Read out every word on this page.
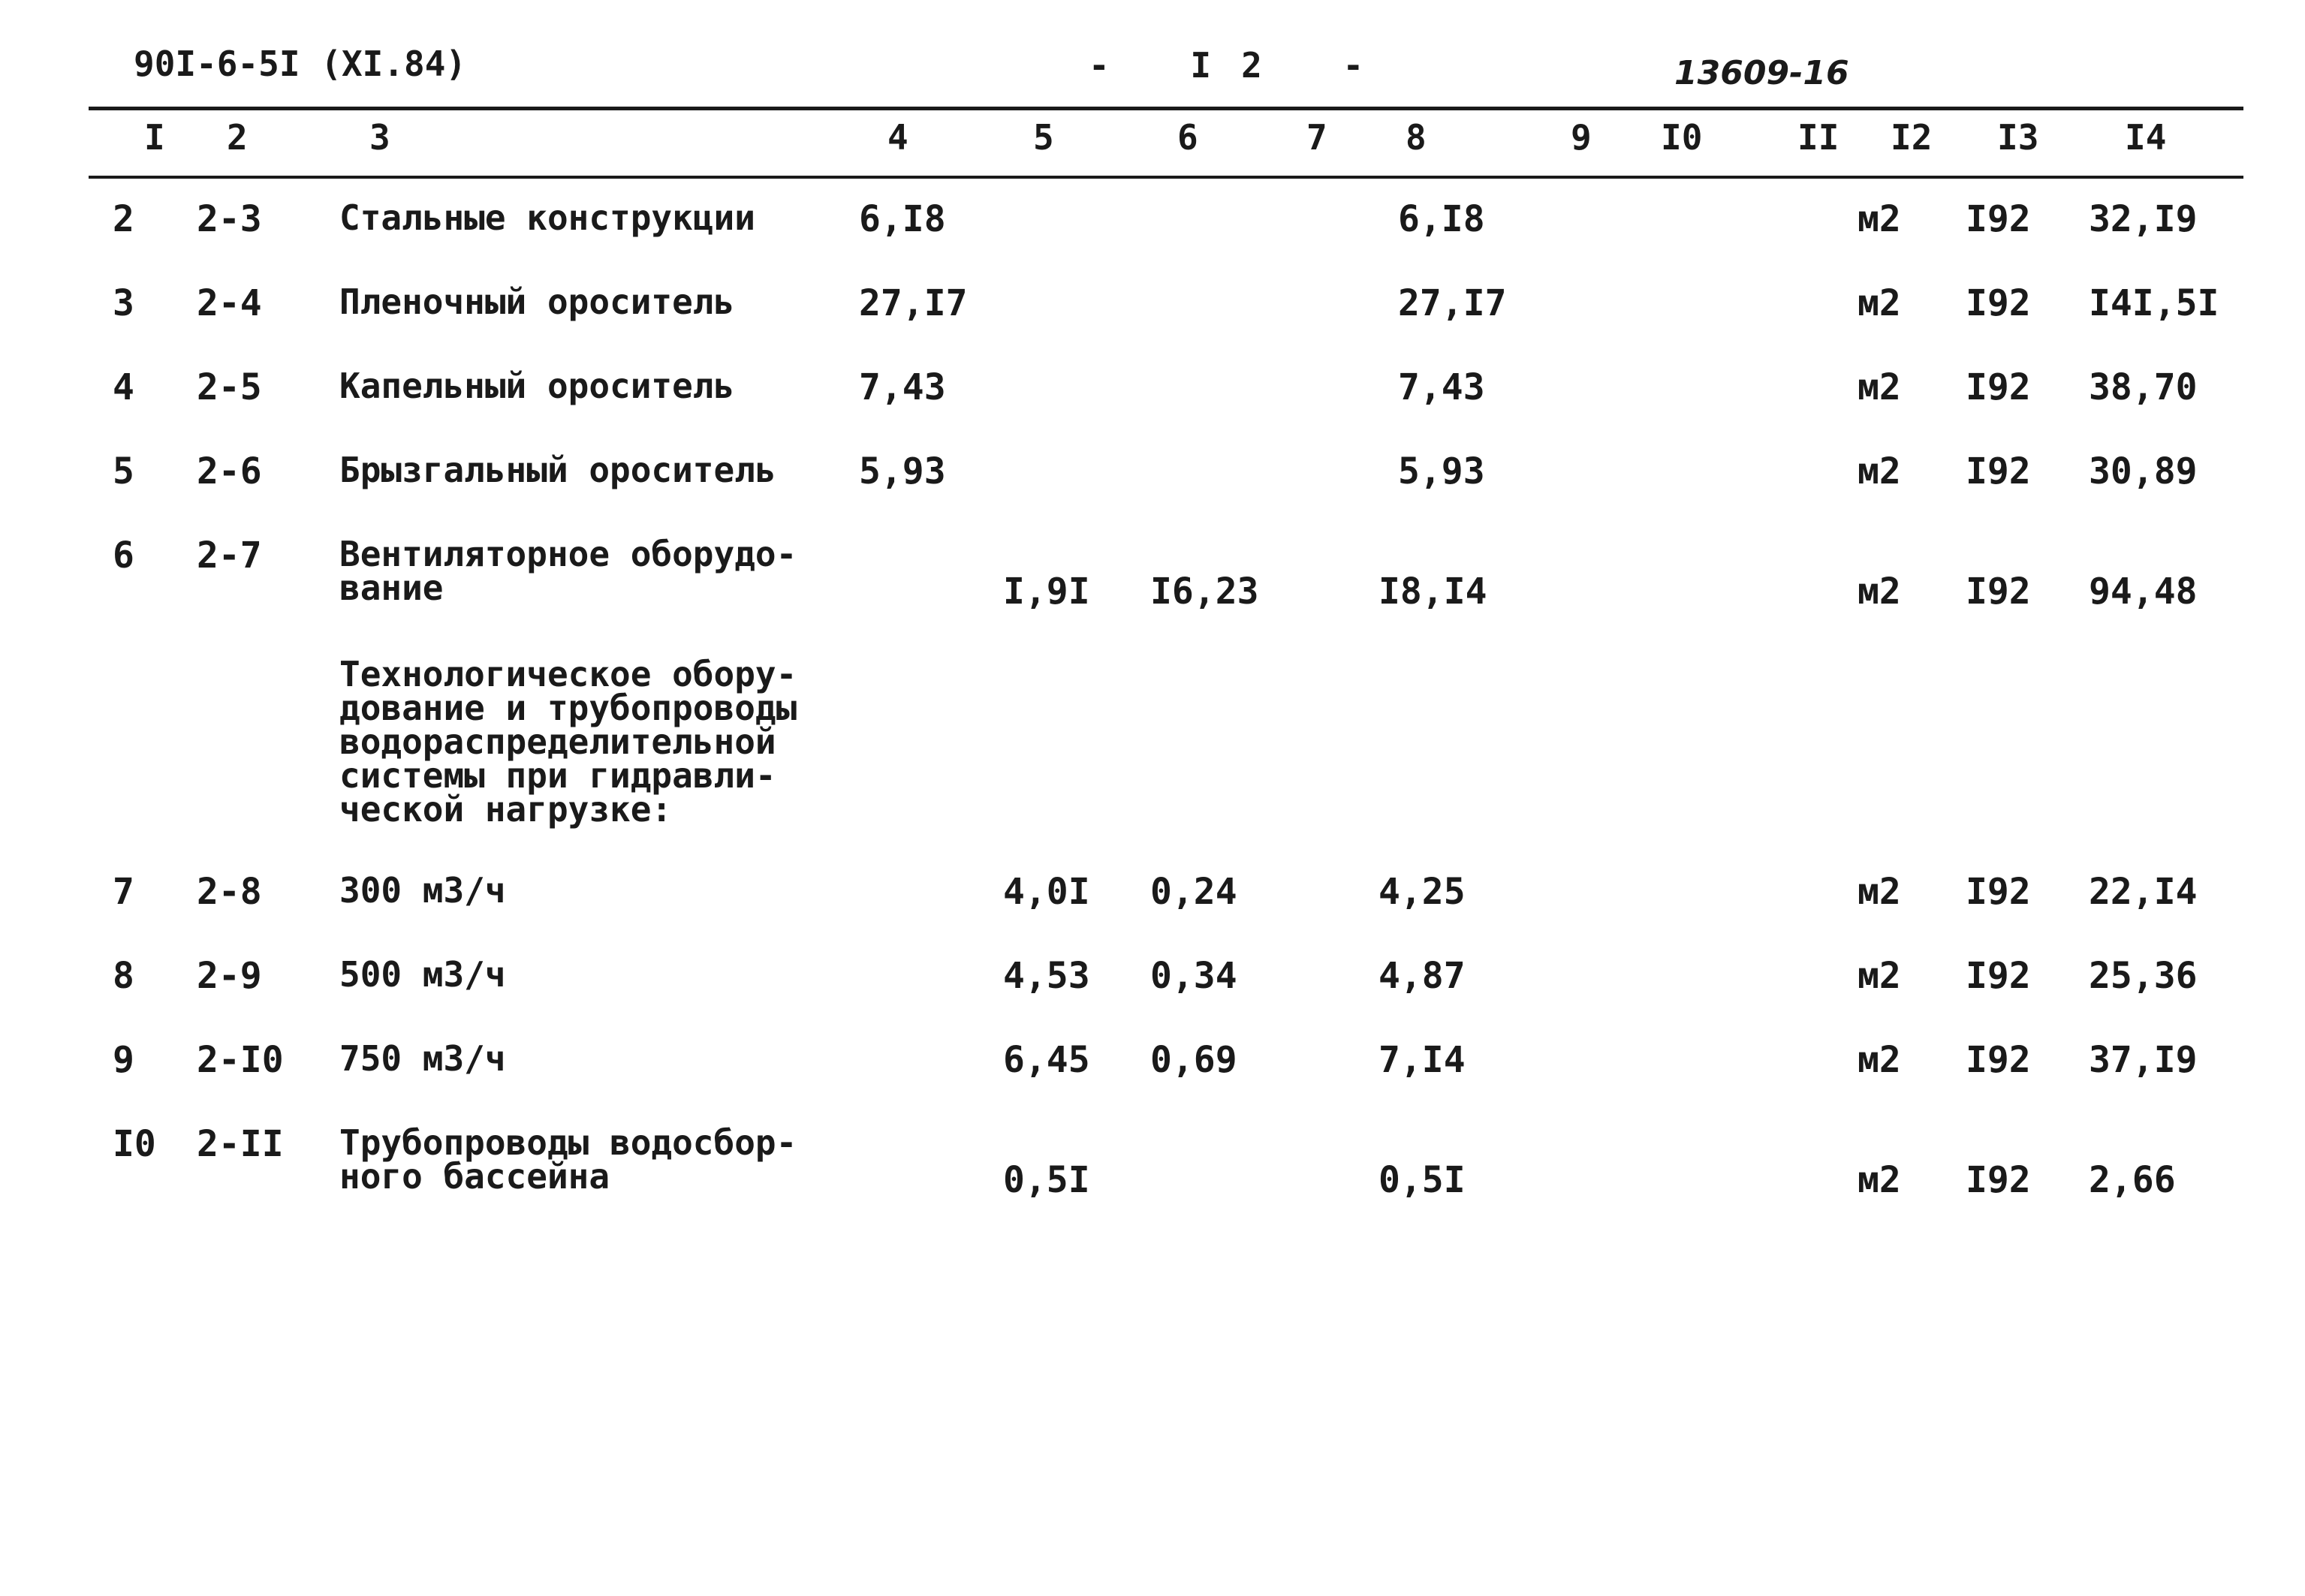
90I-6-5I (XI.84)	- I2 -	13609-16
I 2	3	4	5	6	7 8	9 I0	II I2 I3 I4
2 2-3 Стальные конструкции	6,I8	6,I8	м2 I92 32,I9
3 2-4 Пленочный ороситель	27,I7	27,I7	м2 I92 I4I,5I
4 2-5 Капельный ороситель	7,43	7,43	м2 I92 38,70
5 2-6 Брызгальный ороситель	5,93	5,93	м2 I92 30,89
6 2-7 Вентиляторное оборудо-
вание	I,9I I6,23	I8,I4	м2 I92 94,48
Технологическое обору-
дование и трубопроводы
водораспределительной
системы при гидравли-
ческой нагрузке:
7 2-8 300 м3/ч	4,0I 0,24	4,25	м2 I92 22,I4
8 2-9 500 м3/ч	4,53 0,34	4,87	м2 I92 25,36
9 2-I0 750 м3/ч	6,45 0,69	7,I4	м2 I92 37,I9
I0 2-II Трубопроводы водосбор-
ного бассейна	0,5I	0,5I	м2 I92 2,66
